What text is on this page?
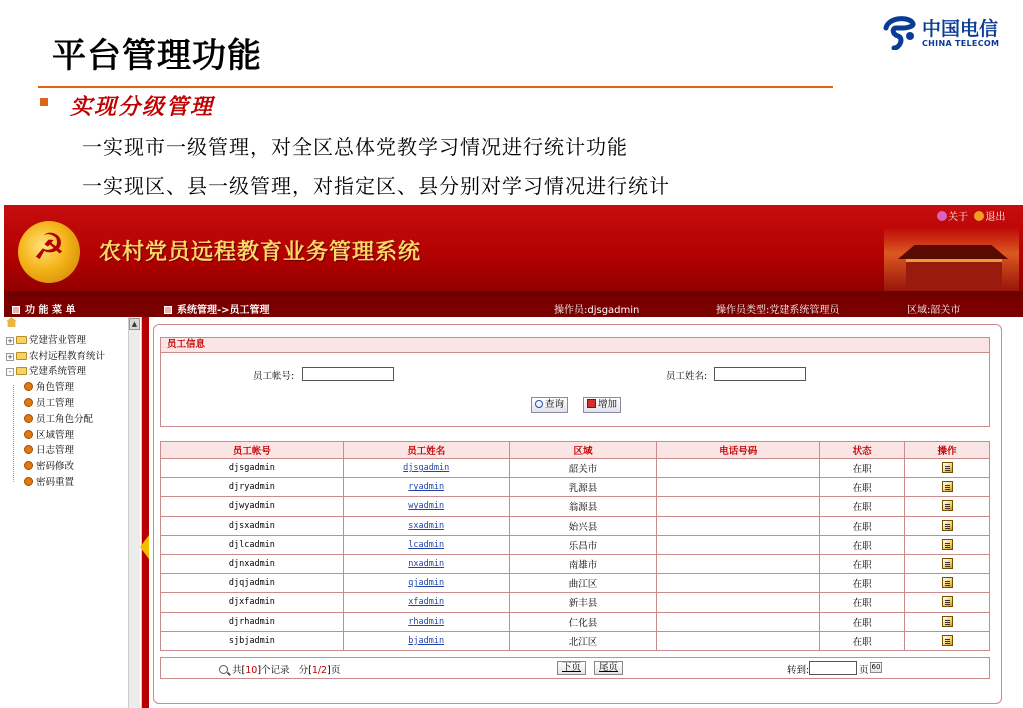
平台管理功能
中国电信
CHINA TELECOM
实现分级管理
一实现市一级管理，对全区总体党教学习情况进行统计功能
一实现区、县一级管理，对指定区、县分别对学习情况进行统计
☭	农村党员远程教育业务管理系统
关于 退出
功 能 菜 单	系统管理->员工管理	操作员:djsgadmin	操作员类型:党建系统管理员	区域:韶关市
+ 党建营业管理
+ 农村远程教育统计
- 党建系统管理
角色管理
员工管理
员工角色分配
区域管理
日志管理
密码修改
密码重置
▲
员工信息
员工帐号:	员工姓名:
查询	增加
员工帐号	员工姓名	区域	电话号码	状态	操作
djsgadmin	djsgadmin	韶关市		在职	
djryadmin	ryadmin	乳源县		在职	
djwyadmin	wyadmin	翁源县		在职	
djsxadmin	sxadmin	始兴县		在职	
djlcadmin	lcadmin	乐昌市		在职	
djnxadmin	nxadmin	南雄市		在职	
djqjadmin	qjadmin	曲江区		在职	
djxfadmin	xfadmin	新丰县		在职	
djrhadmin	rhadmin	仁化县		在职	
sjbjadmin	bjadmin	北江区		在职	
共[10]个记录 分[1/2]页	下页	尾页	转到:	页 60
